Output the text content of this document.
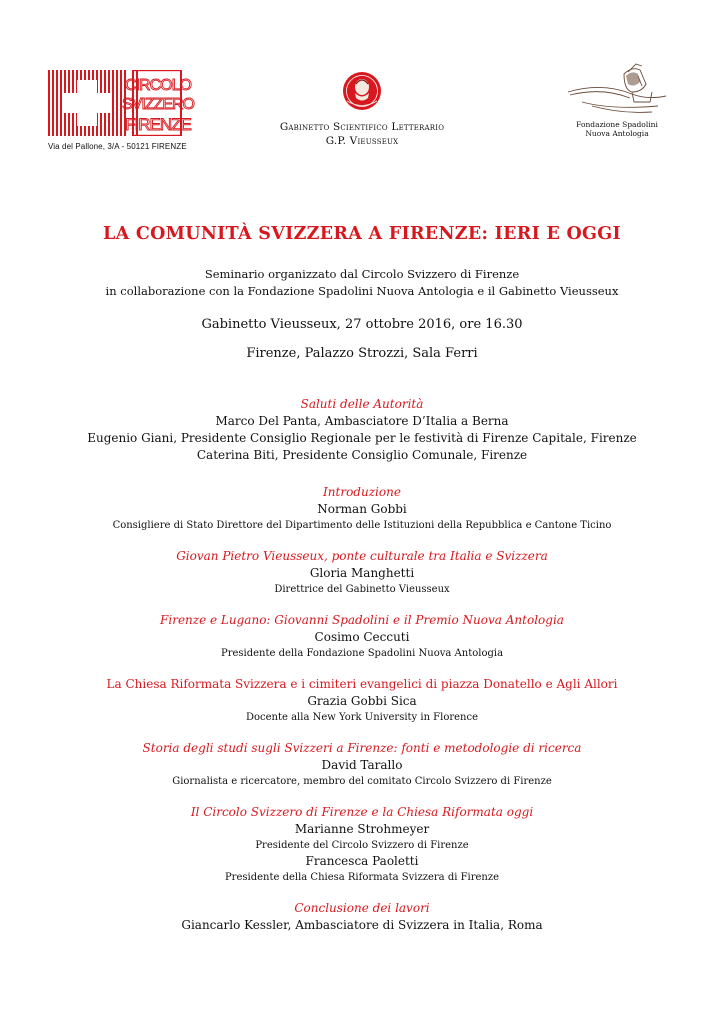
CIRCOLO
SVIZZERO
FIRENZE
Via del Pallone, 3/A - 50121 FIRENZE
Gabinetto Scientifico Letterario
G.P. Vieusseux
Fondazione Spadolini
Nuova Antologia
LA COMUNITÀ SVIZZERA A FIRENZE: IERI E OGGI
Seminario organizzato dal Circolo Svizzero di Firenze
in collaborazione con la Fondazione Spadolini Nuova Antologia e il Gabinetto Vieusseux
Gabinetto Vieusseux, 27 ottobre 2016, ore 16.30
Firenze, Palazzo Strozzi, Sala Ferri
Saluti delle Autorità
Marco Del Panta, Ambasciatore D’Italia a Berna
Eugenio Giani, Presidente Consiglio Regionale per le festività di Firenze Capitale, Firenze
Caterina Biti, Presidente Consiglio Comunale, Firenze
Introduzione
Norman Gobbi
Consigliere di Stato Direttore del Dipartimento delle Istituzioni della Repubblica e Cantone Ticino
Giovan Pietro Vieusseux, ponte culturale tra Italia e Svizzera
Gloria Manghetti
Direttrice del Gabinetto Vieusseux
Firenze e Lugano: Giovanni Spadolini e il Premio Nuova Antologia
Cosimo Ceccuti
Presidente della Fondazione Spadolini Nuova Antologia
La Chiesa Riformata Svizzera e i cimiteri evangelici di piazza Donatello e Agli Allori
Grazia Gobbi Sica
Docente alla New York University in Florence
Storia degli studi sugli Svizzeri a Firenze: fonti e metodologie di ricerca
David Tarallo
Giornalista e ricercatore, membro del comitato Circolo Svizzero di Firenze
Il Circolo Svizzero di Firenze e la Chiesa Riformata oggi
Marianne Strohmeyer
Presidente del Circolo Svizzero di Firenze
Francesca Paoletti
Presidente della Chiesa Riformata Svizzera di Firenze
Conclusione dei lavori
Giancarlo Kessler, Ambasciatore di Svizzera in Italia, Roma
